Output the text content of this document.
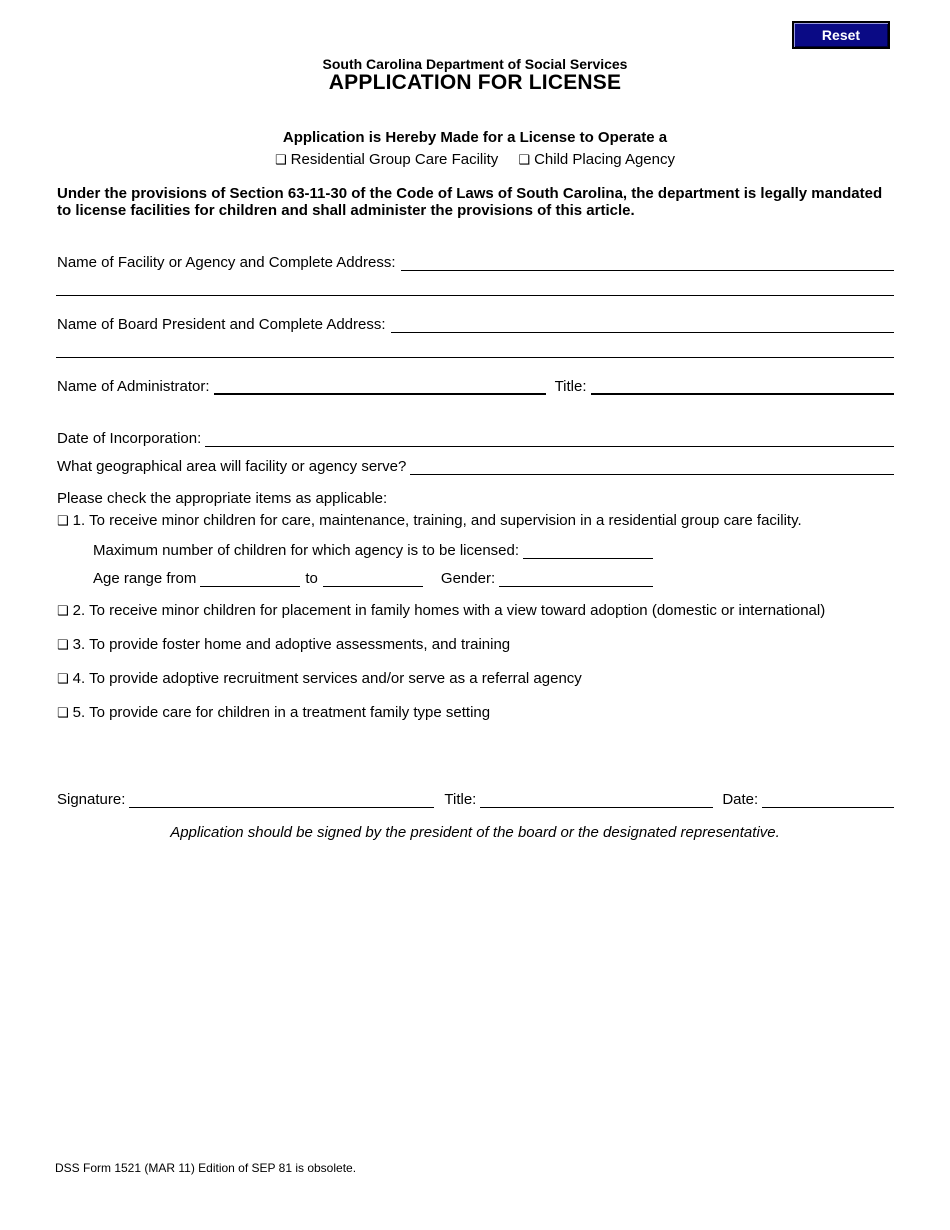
Reset
South Carolina Department of Social Services
APPLICATION FOR LICENSE
Application is Hereby Made for a License to Operate a
❑ Residential Group Care Facility ❑ Child Placing Agency
Under the provisions of Section 63-11-30 of the Code of Laws of South Carolina, the department is legally mandated to license facilities for children and shall administer the provisions of this article.
Name of Facility or Agency and Complete Address:
Name of Board President and Complete Address:
Name of Administrator:	Title:
Date of Incorporation:
What geographical area will facility or agency serve?
Please check the appropriate items as applicable:
❑ 1. To receive minor children for care, maintenance, training, and supervision in a residential group care facility.
Maximum number of children for which agency is to be licensed:
Age range from	to	Gender:
❑ 2. To receive minor children for placement in family homes with a view toward adoption (domestic or international)
❑ 3. To provide foster home and adoptive assessments, and training
❑ 4. To provide adoptive recruitment services and/or serve as a referral agency
❑ 5. To provide care for children in a treatment family type setting
Signature:	Title:	Date:
Application should be signed by the president of the board or the designated representative.
DSS Form 1521 (MAR 11) Edition of SEP 81 is obsolete.
